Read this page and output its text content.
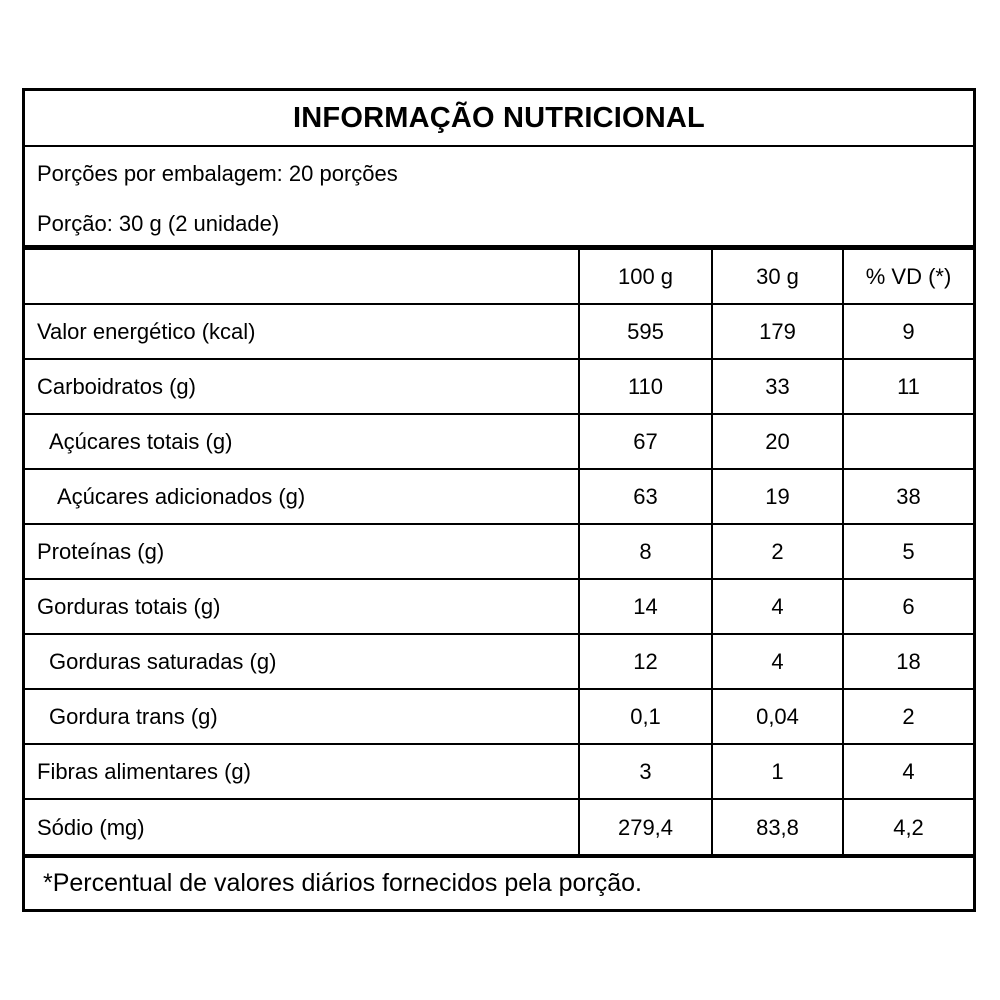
INFORMAÇÃO NUTRICIONAL
Porções por embalagem: 20 porções
Porção: 30 g (2 unidade)
100 g	30 g	% VD (*)
Valor energético (kcal)	595	179	9
Carboidratos (g)	110	33	11
Açúcares totais (g)	67	20
Açúcares adicionados (g)	63	19	38
Proteínas (g)	8	2	5
Gorduras totais (g)	14	4	6
Gorduras saturadas (g)	12	4	18
Gordura trans (g)	0,1	0,04	2
Fibras alimentares (g)	3	1	4
Sódio (mg)	279,4	83,8	4,2
*Percentual de valores diários fornecidos pela porção.
